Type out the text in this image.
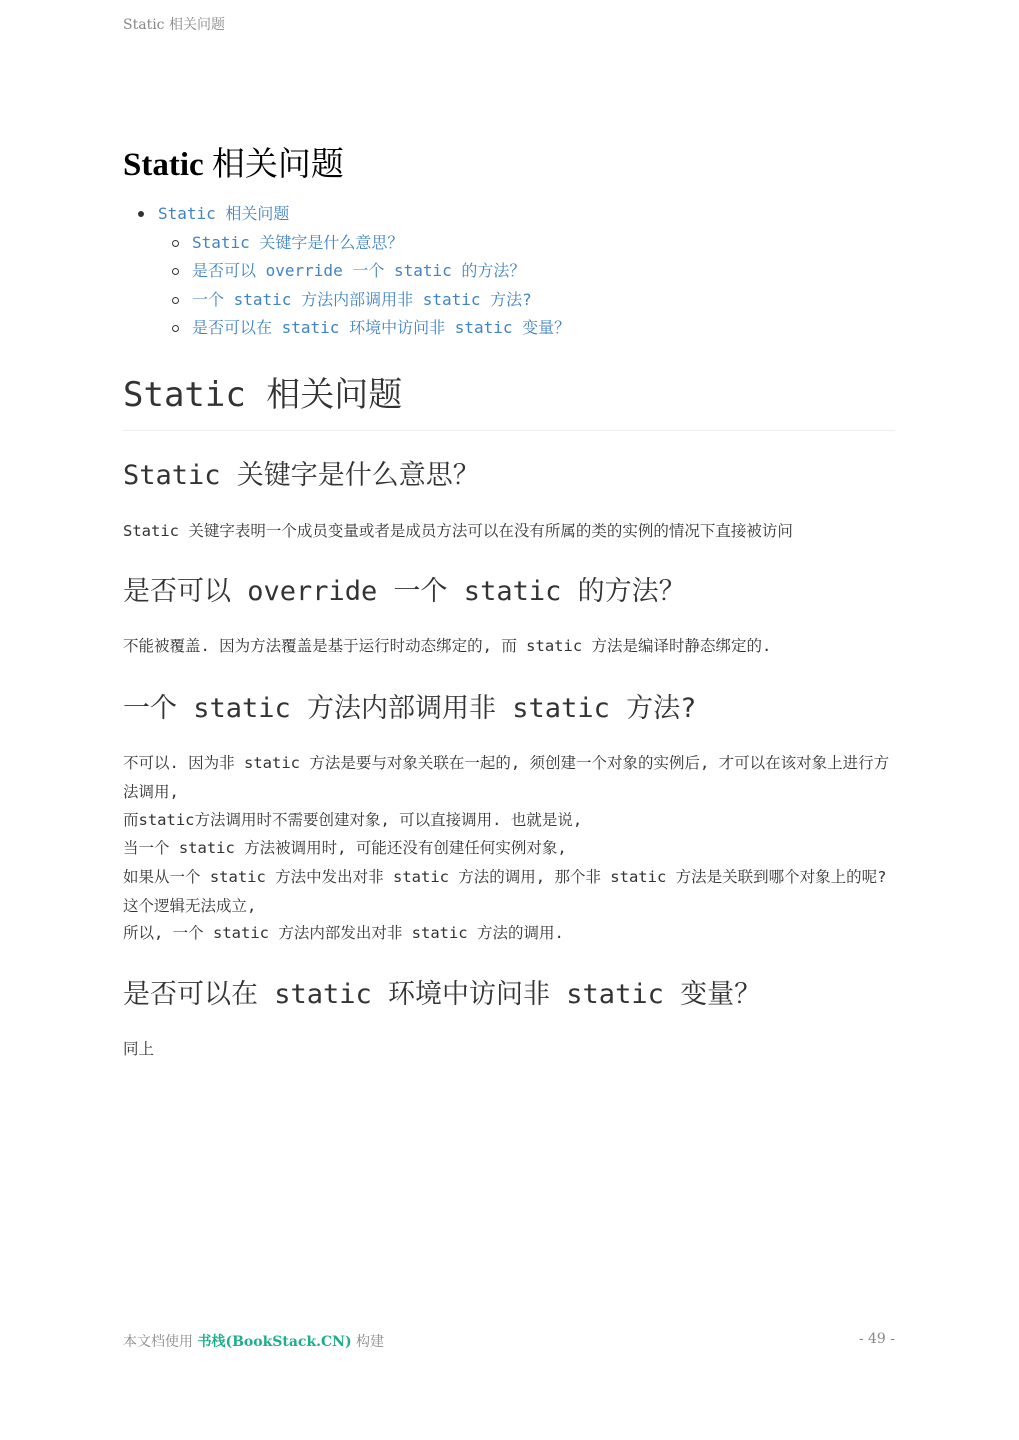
Static 相关问题
Static 相关问题
Static 相关问题
Static 关键字是什么意思？
是否可以 override 一个 static 的方法？
一个 static 方法内部调用非 static 方法?
是否可以在 static 环境中访问非 static 变量？
Static 相关问题
Static 关键字是什么意思？

Static 关键字表明一个成员变量或者是成员方法可以在没有所属的类的实例的情况下直接被访问

是否可以 override 一个 static 的方法？

不能被覆盖. 因为方法覆盖是基于运行时动态绑定的, 而 static 方法是编译时静态绑定的.

一个 static 方法内部调用非 static 方法?

不可以. 因为非 static 方法是要与对象关联在一起的, 须创建一个对象的实例后, 才可以在该对象上进行方法调用,

而static方法调用时不需要创建对象, 可以直接调用. 也就是说,

当一个 static 方法被调用时, 可能还没有创建任何实例对象,

如果从一个 static 方法中发出对非 static 方法的调用, 那个非 static 方法是关联到哪个对象上的呢? 这个逻辑无法成立,

所以, 一个 static 方法内部发出对非 static 方法的调用.

是否可以在 static 环境中访问非 static 变量？

同上

本文档使用 书栈(BookStack.CN) 构建	- 49 -
